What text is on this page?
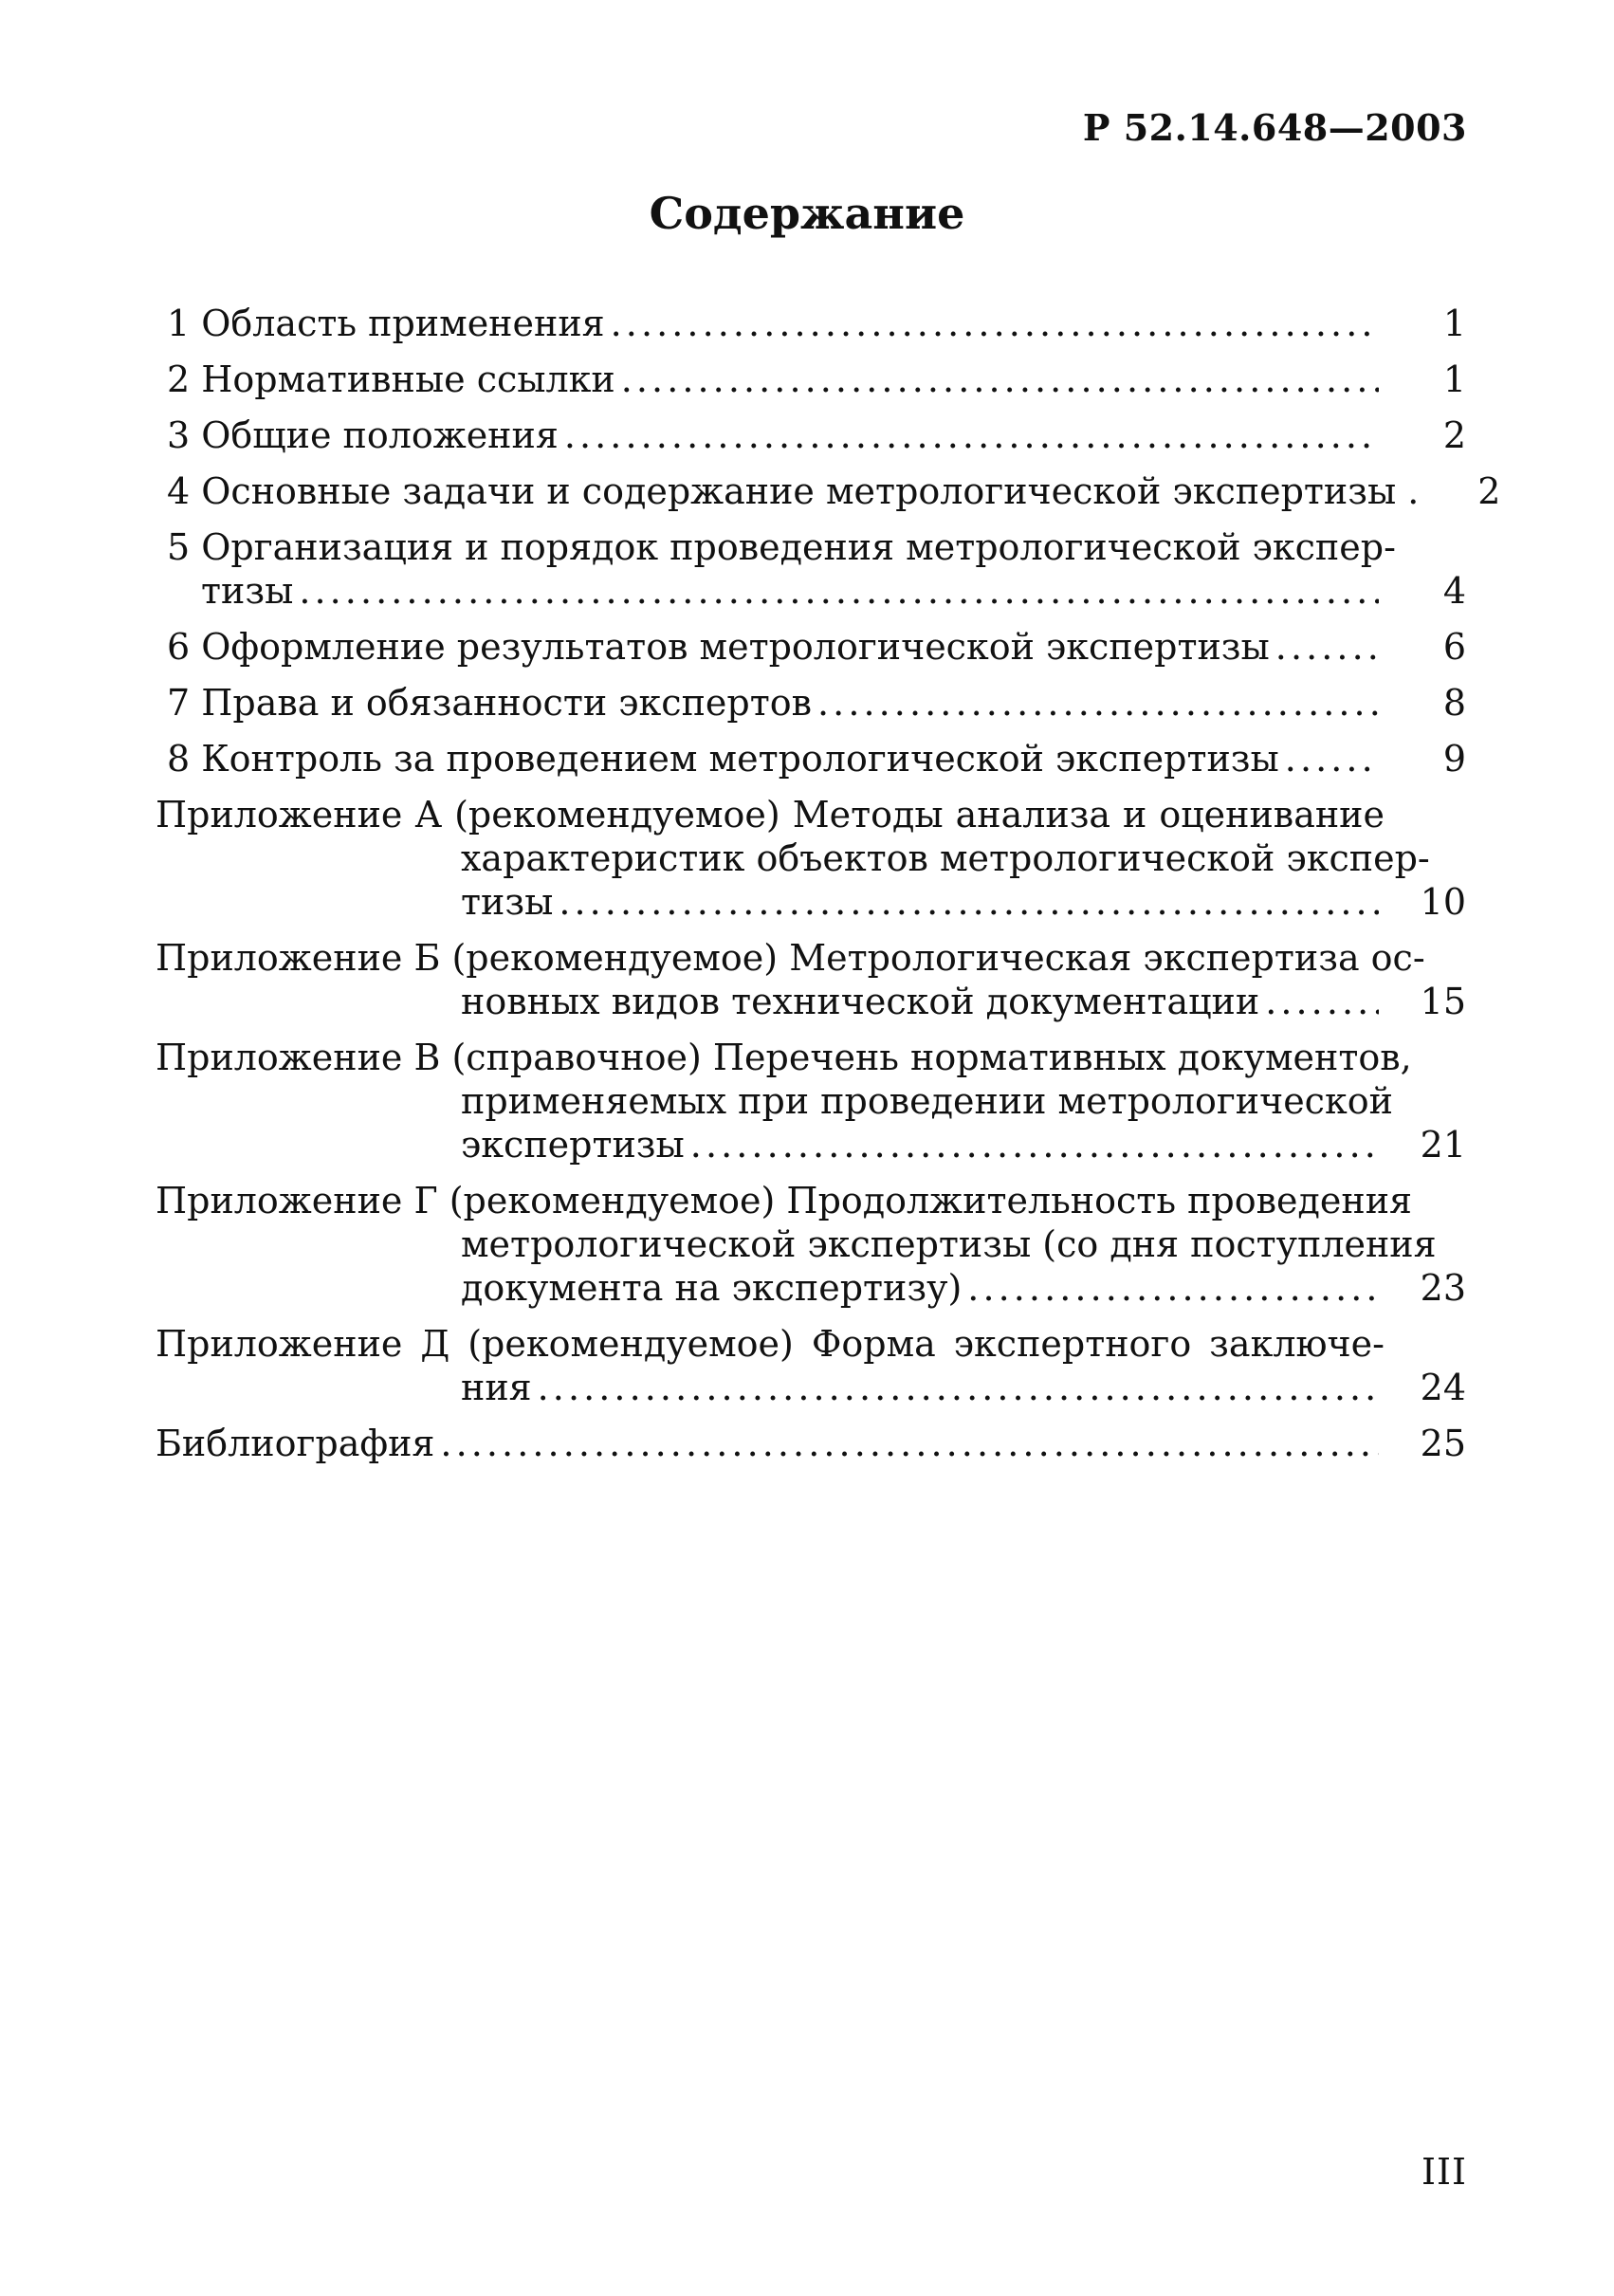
Р 52.14.648—2003
Содержание
1 Область применения . . .	1
2 Нормативные ссылки . . .	1
3 Общие положения . . .	2
4 Основные задачи и содержание метрологической экспертизы .	2
5 Организация и порядок проведения метрологической экспер-
тизы . . .	4
6 Оформление результатов метрологической экспертизы . . .	6
7 Права и обязанности экспертов . . .	8
8 Контроль за проведением метрологической экспертизы . . .	9
Приложение А (рекомендуемое) Методы анализа и оценивание
характеристик объектов метрологической экспер-
тизы . . .	10
Приложение Б (рекомендуемое) Метрологическая экспертиза ос-
новных видов технической документации . . .	15
Приложение В (справочное) Перечень нормативных документов,
применяемых при проведении метрологической
экспертизы . . .	21
Приложение Г (рекомендуемое) Продолжительность проведения
метрологической экспертизы (со дня поступления
документа на экспертизу) . . .	23
Приложение Д (рекомендуемое) Форма экспертного заключе-
ния . . .	24
Библиография . . .	25
III
